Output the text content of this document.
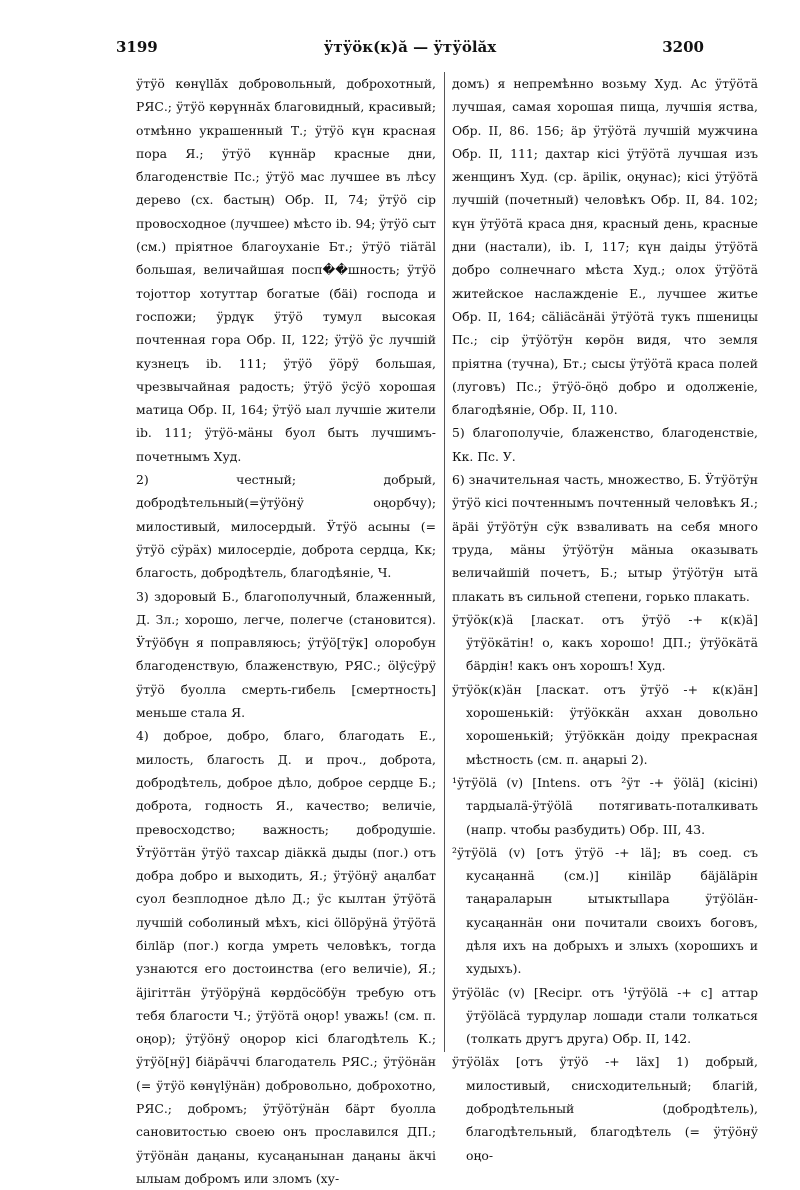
3199	ӱтӱӧк(к)ӑ — ӱтӱӧlӑх	3200

ӱтӱӧ көнүllӑх добровольный, доброхотный, РЯС.; ӱтӱӧ көрүннӑх благовидный, красивый; отмѣнно украшенный Т.; ӱтӱӧ күн красная пора Я.; ӱтӱӧ күннӓр красные дни, благоденствіе Пс.; ӱтӱӧ мас лучшее въ лѣсу дерево (сх. бастың) Обр. II, 74; ӱтӱӧ сір провосходное (лучшее) мѣсто ib. 94; ӱтӱӧ сыт (см.) пріятное благоуханіе Бт.; ӱтӱӧ тіӓтӓl большая, величайшая посп��шность; ӱтӱӧ тојоттор хотуттар богатые (бäі) господа и госпожи; ӱрдүк ӱтӱӧ тумул высокая почтенная гора Обр. II, 122; ӱтӱӧ ӱс лучшій кузнецъ ib. 111; ӱтӱӧ ӱӧрӱ большая, чрезвычайная радость; ӱтӱӧ ӱсӱӧ хорошая матица Обр. II, 164; ӱтӱӧ ыал лучшіе жители ib. 111; ӱтӱӧ-мӓны буол быть лучшимъ-почетнымъ Худ.

2) честный; добрый, добродѣтельный(=ӱтӱӧнӱ оңорбчу); милостивый, милосердый. Ӱтӱӧ асыны (= ӱтӱӧ сӱрӓх) милосердіе, доброта сердца, Кк; благость, добродѣтель, благодѣяніе, Ч.

3) здоровый Б., благополучный, блаженный, Д. Зл.; хорошо, легче, полегче (становится). Ӱтӱӧбүн я поправляюсь; ӱтӱӧ[тӱк] олоробун благоденствую, блаженствую, РЯС.; ӧlӱсӱрӱ ӱтӱӧ буолла смерть-гибель [смертность] меньше стала Я.

4) доброе, добро, благо, благодать Е., милость, благость Д. и проч., доброта, добродѣтель, доброе дѣло, доброе сердце Б.; доброта, годность Я., качество; величіе, превосходство; важность; добродушіе. Ӱтӱӧттӓн ӱтӱӧ тахсар діӓккӓ дыды (пог.) отъ добра добро и выходить, Я.; ӱтӱӧнӱ аңалбат суол безплодное дѣло Д.; ӱс кылтан ӱтӱӧтӓ лучшій соболиный мѣхъ, кісі ӧllӧрӱнӓ ӱтӱӧтӓ білläр (пог.) когда умреть человѣкъ, тогда узнаются его достоинства (его величіе), Я.; ӓјігіттӓн ӱтӱӧрӱнӓ көрдӧсӧбӱн требую отъ тебя благости Ч.; ӱтӱӧтӓ оңор! уважь! (см. п. оңор); ӱтӱӧнӱ оңорор кісі благодѣтель К.; ӱтӱӧ[нӱ] біäрӓччі благодатель РЯС.; ӱтӱӧнӓн (= ӱтӱӧ көнүlӱнӓн) добровольно, доброхотно, РЯС.; добромъ; ӱтӱӧтӱнӓн бäрт буолла сановитостью своею онъ прославился ДП.; ӱтӱӧнӓн даңаны, кусаңанынан даңаны ӓкчі ылыам добромъ или зломъ (ху-

домъ) я непремѣнно возьму Худ. Ас ӱтӱӧтӓ лучшая, самая хорошая пища, лучшія яства, Обр. II, 86. 156; äр ӱтӱӧтӓ лучшій мужчина Обр. II, 111; дахтар кісі ӱтӱӧтӓ лучшая изъ женщинъ Худ. (ср. äрilік, оңунас); кісі ӱтӱӧтӓ лучшій (почетный) человѣкъ Обр. II, 84. 102; күн ӱтӱӧтӓ краса дня, красный день, красные дни (настали), ib. I, 117; күн даіды ӱтӱӧтӓ добро солнечнаго мѣста Худ.; олох ӱтӱӧтӓ житейское наслажденіе Е., лучшее житье Обр. II, 164; сӓliӓсӓнӓі ӱтӱӧтӓ тукъ пшеницы Пс.; сір ӱтӱӧтӱн көрӧн видя, что земля пріятна (тучна), Бт.; сысы ӱтӱӧтӓ краса полей (луговъ) Пс.; ӱтӱӧ-ӧңӧ добро и одолженіе, благодѣяніе, Обр. II, 110.

5) благополучіе, блаженство, благоденствіе, Кк. Пс. У.

6) значительная часть, множество, Б. Ӱтӱӧтӱн ӱтӱӧ кісі почтеннымъ почтенный человѣкъ Я.; äрäі ӱтӱӧтӱн сӱк взваливать на себя много труда, мӓны ӱтӱӧтӱн мӓныа оказывать величайшій почетъ, Б.; ытыр ӱтӱӧтӱн ытӓ плакать въ сильной степени, горько плакать.

ӱтӱӧк(к)ӓ [ласкат. отъ ӱтӱӧ -+ к(к)ӓ] ӱтӱӧкӓтін! о, какъ хорошо! ДП.; ӱтӱӧкӓтӓ бäрдін! какъ онъ хорошъ! Худ.

ӱтӱӧк(к)ӓн [ласкат. отъ ӱтӱӧ -+ к(к)ӓн] хорошенькій: ӱтӱӧккӓн аххан довольно хорошенькій; ӱтӱӧккӓн доіду прекрасная мѣстность (см. п. аңарыі 2).

¹ӱтӱӧlӓ (v) [Intens. отъ ²ӱт -+ ӱӧlӓ] (кісіні) тардыалӓ-ӱтӱӧlӓ потягивать-поталкивать (напр. чтобы разбудить) Обр. III, 43.

²ӱтӱӧlӓ (v) [отъ ӱтӱӧ -+ lӓ]; въ соед. съ кусаңаннӓ (см.)] кініläр бäјäläрін таңараларын ытыктыllара ӱтӱӧlӓн-кусаңаннӓн они почитали своихъ боговъ, дѣля ихъ на добрыхъ и злыхъ (хорошихъ и худыхъ).

ӱтӱӧlӓс (v) [Recipr. отъ ¹ӱтӱӧlӓ -+ с] аттар ӱтӱӧlӓсӓ турдулар лошади стали толкаться (толкать другъ друга) Обр. II, 142.

ӱтӱӧlӓх [отъ ӱтӱӧ -+ lӓх] 1) добрый, милостивый, снисходительный; благій, добродѣтельный (добродѣтель), благодѣтельный, благодѣтель (= ӱтӱӧнӱ оңо-
